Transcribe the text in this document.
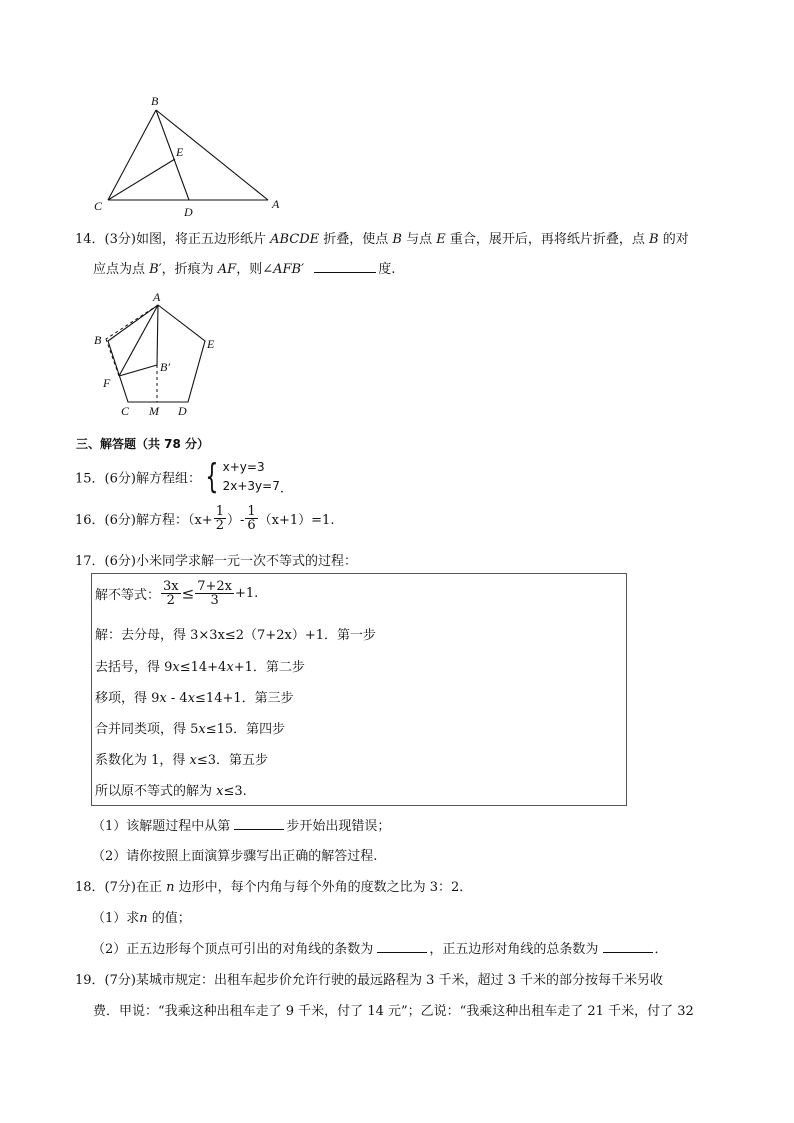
B
E
C	D
A
14．(3分)如图，将正五边形纸片 ABCDE 折叠，使点 B 与点 E 重合，展开后，再将纸片折叠，点 B 的对
应点为点 B′，折痕为 AF，则∠AFB′	度.
A
B	E
F
B′
C M D
三、解答题（共 78 分）
15．(6分)解方程组： { x+y=3
2x+3y=7.
16．(6分)解方程：（$x+ \frac{1}{2}$ ）- $\frac{1}{6} (x+1)=1$.
17．(6分)小米同学求解一元一次不等式的过程：
解不等式： $\frac{3x}{2} \le \frac{7+2x}{3} +1$.
解：去分母，得 3×3x≤2（7+2x）+1．第一步
去括号，得 9x≤14+4x+1．第二步
移项，得 9x - 4x≤14+1．第三步
合并同类项，得 5x≤15．第四步
系数化为 1，得 x≤3．第五步
所以原不等式的解为 x≤3.
（1）该解题过程中从第	步开始出现错误；
（2）请你按照上面演算步骤写出正确的解答过程.
18．(7分)在正 n 边形中，每个内角与每个外角的度数之比为 3：2．
（1）求n 的值；
（2）正五边形每个顶点可引出的对角线的条数为	，正五边形对角线的总条数为	．
19．(7分)某城市规定：出租车起步价允许行驶的最远路程为 3 千米，超过 3 千米的部分按每千米另收
费．甲说：“我乘这种出租车走了 9 千米，付了 14 元”；乙说：“我乘这种出租车走了 21 千米，付了 32
